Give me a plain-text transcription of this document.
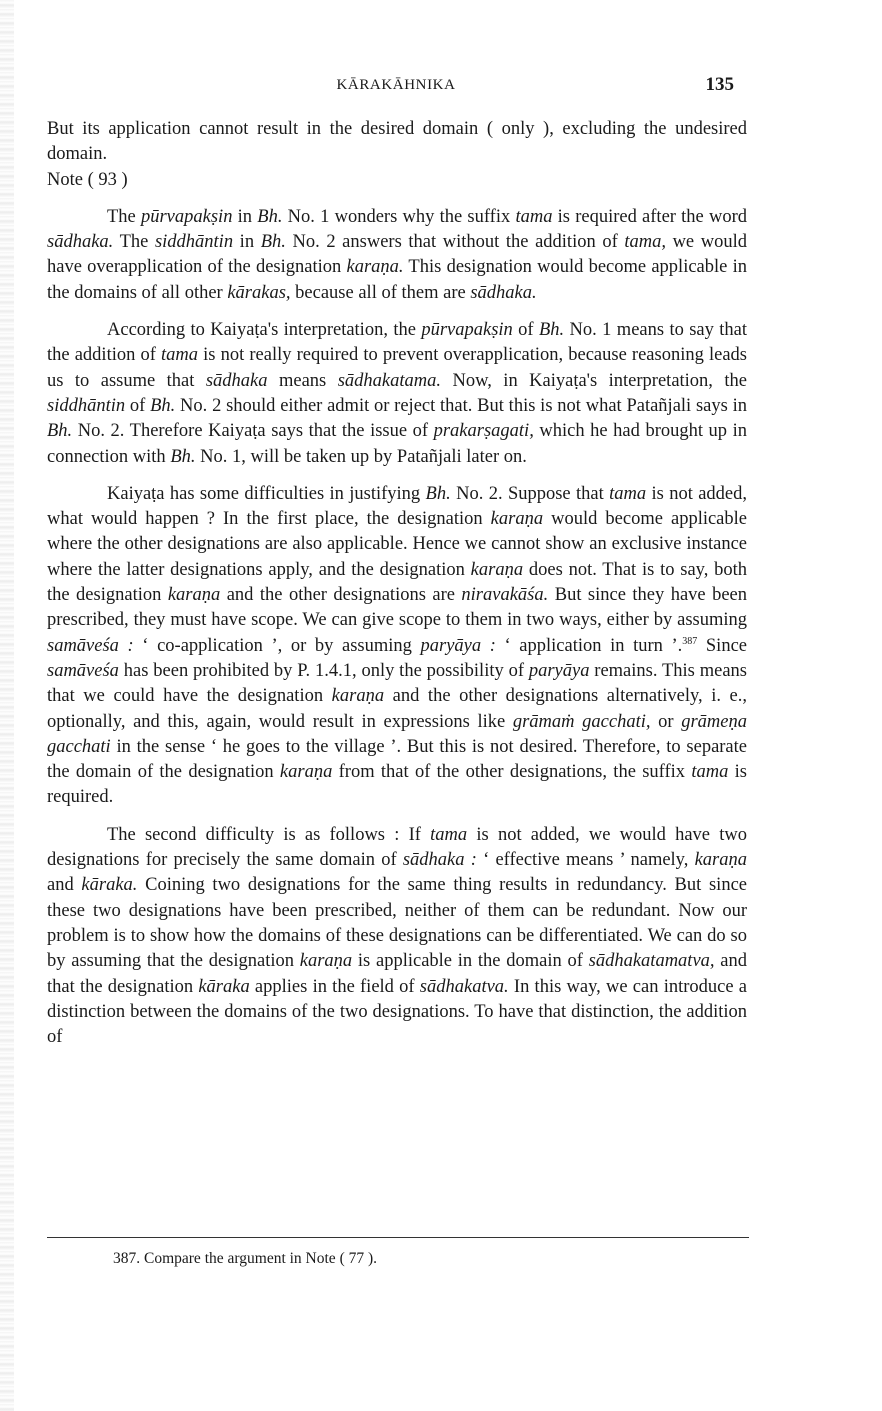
KĀRAKĀHNIKA	135

But its application cannot result in the desired domain ( only ), excluding the undesired domain.

Note ( 93 )

The pūrvapakṣin in Bh. No. 1 wonders why the suffix tama is required after the word sādhaka. The siddhāntin in Bh. No. 2 answers that without the addition of tama, we would have overapplication of the designation karaṇa. This designation would become applicable in the domains of all other kārakas, because all of them are sādhaka.

According to Kaiyaṭa's interpretation, the pūrvapakṣin of Bh. No. 1 means to say that the addition of tama is not really required to prevent overapplication, because reasoning leads us to assume that sādhaka means sādhakatama. Now, in Kaiyaṭa's interpretation, the siddhāntin of Bh. No. 2 should either admit or reject that. But this is not what Patañjali says in Bh. No. 2. Therefore Kaiyaṭa says that the issue of prakarṣagati, which he had brought up in connection with Bh. No. 1, will be taken up by Patañjali later on.

Kaiyaṭa has some difficulties in justifying Bh. No. 2. Suppose that tama is not added, what would happen ? In the first place, the designation karaṇa would become applicable where the other designations are also applicable. Hence we cannot show an exclusive instance where the latter designations apply, and the designation karaṇa does not. That is to say, both the designation karaṇa and the other designations are niravakāśa. But since they have been prescribed, they must have scope. We can give scope to them in two ways, either by assuming samāveśa : ‘ co-application ’, or by assuming paryāya : ‘ application in turn ’.$^{387}$ Since samāveśa has been prohibited by P. 1.4.1, only the possibility of paryāya remains. This means that we could have the designation karaṇa and the other designations alternatively, i. e., optionally, and this, again, would result in expressions like grāmaṁ gacchati, or grāmeṇa gacchati in the sense ‘ he goes to the village ’. But this is not desired. Therefore, to separate the domain of the designation karaṇa from that of the other designations, the suffix tama is required.

The second difficulty is as follows : If tama is not added, we would have two designations for precisely the same domain of sādhaka : ‘ effective means ’ namely, karaṇa and kāraka. Coining two designations for the same thing results in redundancy. But since these two designations have been prescribed, neither of them can be redundant. Now our problem is to show how the domains of these designations can be differentiated. We can do so by assuming that the designation karaṇa is applicable in the domain of sādhakatamatva, and that the designation kāraka applies in the field of sādhakatva. In this way, we can introduce a distinction between the domains of the two designations. To have that distinction, the addition of

387. Compare the argument in Note ( 77 ).
